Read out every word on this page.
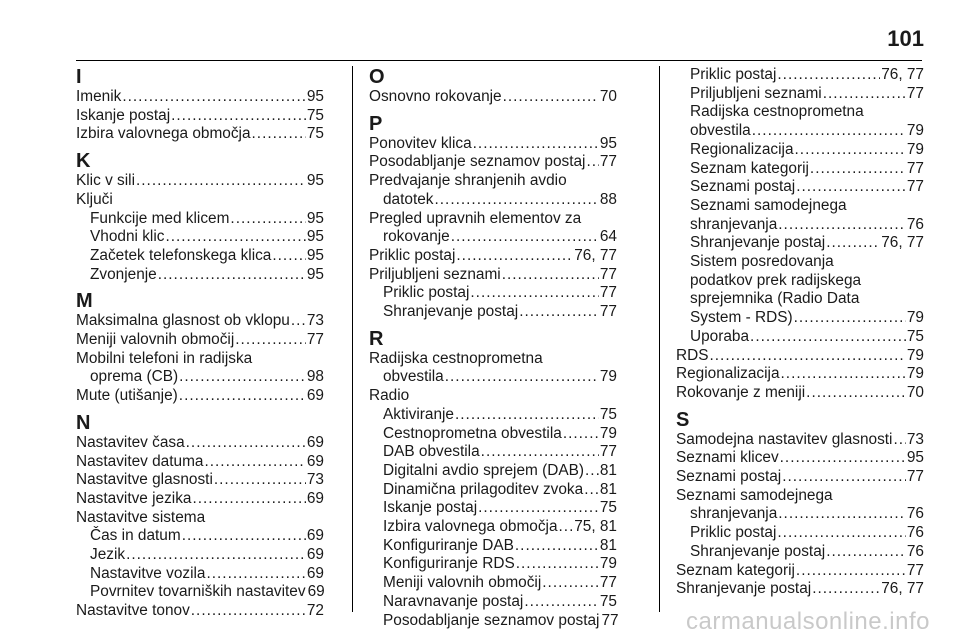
101
I
Imenik .....	95
Iskanje postaj .....	75
Izbira valovnega območja .....	75
K
Klic v sili .....	95
Ključi
Funkcije med klicem .....	95
Vhodni klic .....	95
Začetek telefonskega klica ..... 95
Zvonjenje .....	95
M
Maksimalna glasnost ob vklopu ..... 73
Meniji valovnih območij .....	77
Mobilni telefoni in radijska
oprema (CB) .....	98
Mute (utišanje) .....	69
N
Nastavitev časa .....	69
Nastavitev datuma .....	69
Nastavitve glasnosti .....	73
Nastavitve jezika .....	69
Nastavitve sistema
Čas in datum .....	69
Jezik .....	69
Nastavitve vozila .....	69
Povrnitev tovarniških nastavitev 69
Nastavitve tonov .....	72
O
Osnovno rokovanje .....	70
P
Ponovitev klica .....	95
Posodabljanje seznamov postaj ..... 77
Predvajanje shranjenih avdio
datotek .....	88
Pregled upravnih elementov za
rokovanje .....	64
Priklic postaj .....	76, 77
Priljubljeni seznami .....	77
Priklic postaj .....	77
Shranjevanje postaj .....	77
R
Radijska cestnoprometna
obvestila .....	79
Radio
Aktiviranje .....	75
Cestnoprometna obvestila ..... 79
DAB obvestila .....	77
Digitalni avdio sprejem (DAB) ..... 81
Dinamična prilagoditev zvoka ..... 81
Iskanje postaj .....	75
Izbira valovnega območja ..... 75, 81
Konfiguriranje DAB .....	81
Konfiguriranje RDS .....	79
Meniji valovnih območij .....	77
Naravnavanje postaj .....	75
Posodabljanje seznamov postaj 77
Priklic postaj .....	76, 77
Priljubljeni seznami .....	77
Radijska cestnoprometna
obvestila .....	79
Regionalizacija .....	79
Seznam kategorij .....	77
Seznami postaj .....	77
Seznami samodejnega
shranjevanja .....	76
Shranjevanje postaj .....	76, 77
Sistem posredovanja
podatkov prek radijskega
sprejemnika (Radio Data
System - RDS) .....	79
Uporaba .....	75
RDS .....	79
Regionalizacija .....	79
Rokovanje z meniji .....	70
S
Samodejna nastavitev glasnosti ..... 73
Seznami klicev .....	95
Seznami postaj .....	77
Seznami samodejnega
shranjevanja .....	76
Priklic postaj .....	76
Shranjevanje postaj .....	76
Seznam kategorij .....	77
Shranjevanje postaj .....	76, 77
carmanualsonline.info
